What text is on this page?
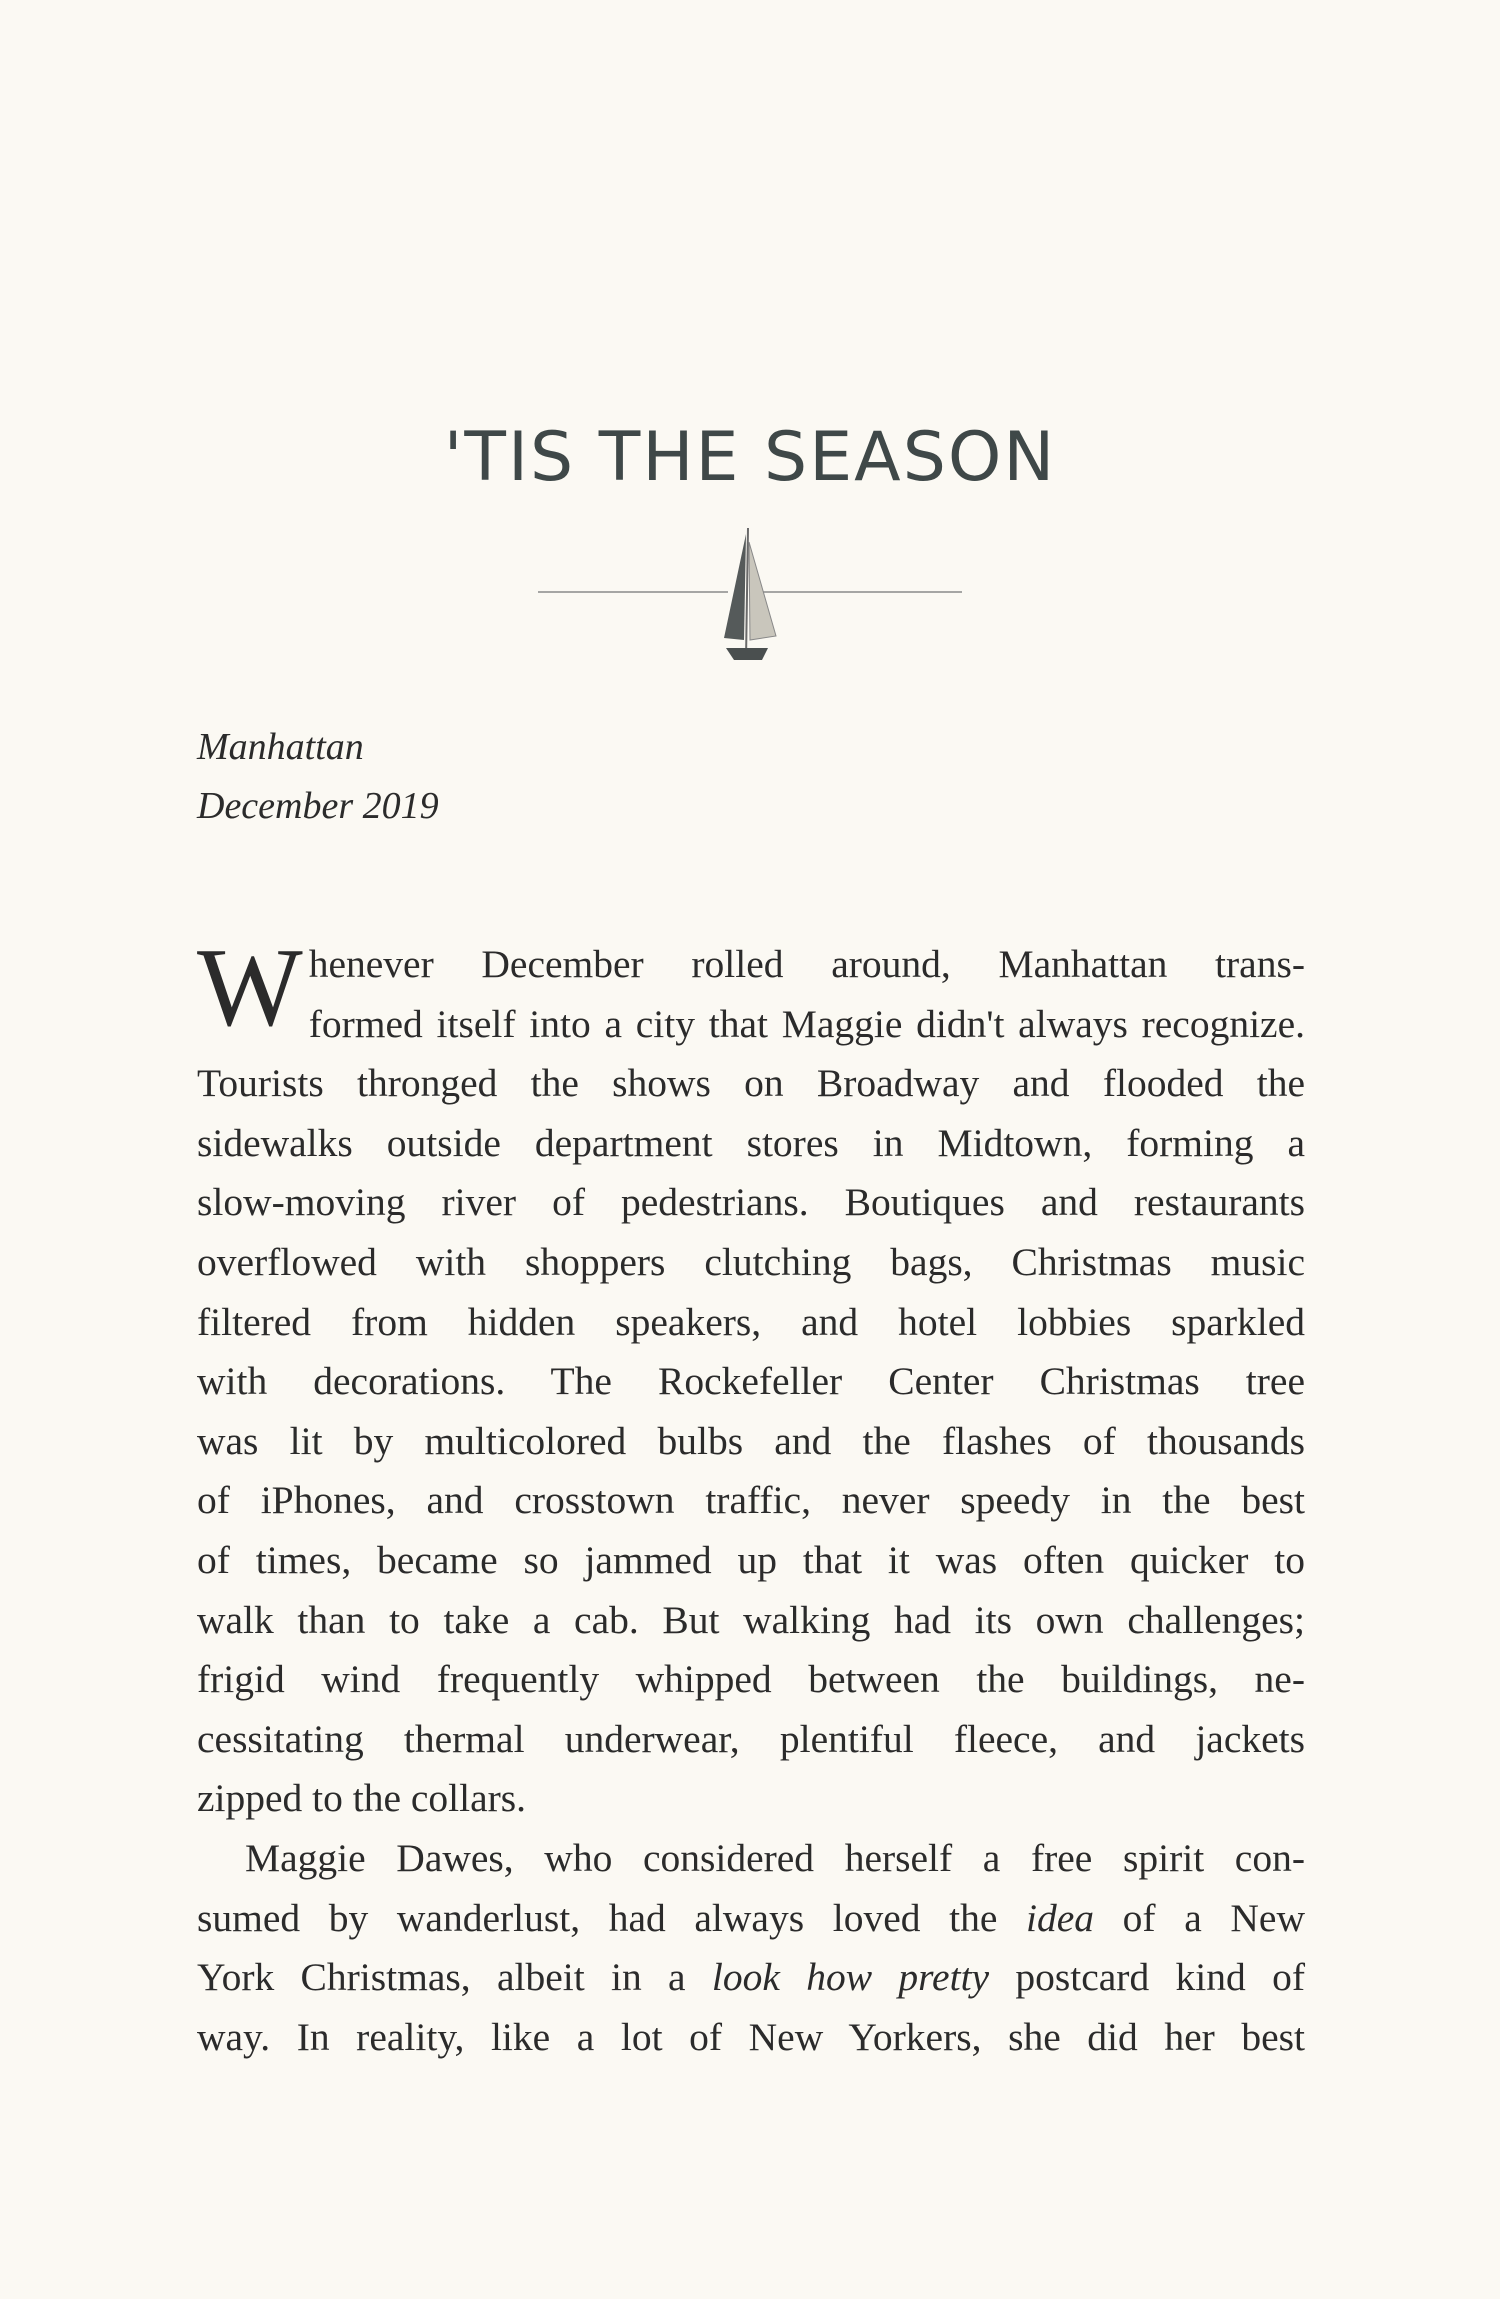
'TIS THE SEASON
Manhattan
December 2019
W henever December rolled around, Manhattan trans-
formed itself into a city that Maggie didn't always recognize.
Tourists thronged the shows on Broadway and flooded the
sidewalks outside department stores in Midtown, forming a
slow-moving river of pedestrians. Boutiques and restaurants
overflowed with shoppers clutching bags, Christmas music
filtered from hidden speakers, and hotel lobbies sparkled
with decorations. The Rockefeller Center Christmas tree
was lit by multicolored bulbs and the flashes of thousands
of iPhones, and crosstown traffic, never speedy in the best
of times, became so jammed up that it was often quicker to
walk than to take a cab. But walking had its own challenges;
frigid wind frequently whipped between the buildings, ne-
cessitating thermal underwear, plentiful fleece, and jackets
zipped to the collars.
Maggie Dawes, who considered herself a free spirit con-
sumed by wanderlust, had always loved the idea of a New
York Christmas, albeit in a look how pretty postcard kind of
way. In reality, like a lot of New Yorkers, she did her best
